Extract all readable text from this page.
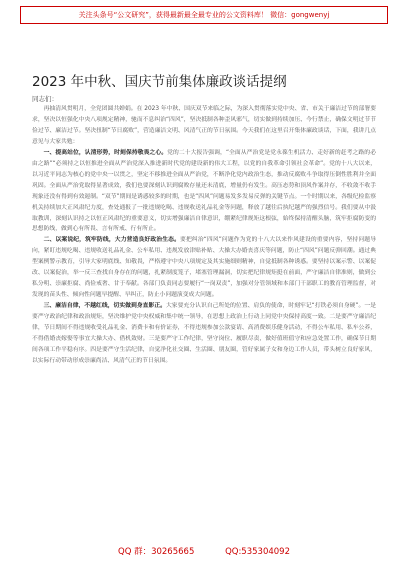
关注头条号“公文研究”，获得最新最全最专业的公文资料库！ 微信：gongwenyj
2023 年中秋、国庆节前集体廉政谈话提纲
同志们：

再抽清风贯明月，全党团圆共婵娟。在 2023 年中秋、国庆双节来临之际，为深入贯彻落实党中央、省、市关于廉洁过节的部署要求，坚决以恒强化中央八项规定精神，驰而不息纠治“四风”，坚决抵制各种歪风邪气，切实做到持续加压、今行禁止，确保文明过节节俭过节、廉洁过节。坚决扭制“节日腐败”，营造廉洁文明、风清气正的节日氛围。今天我们在这里召开集体廉政谈话，下面，我讲几点意见与大家共勉：

一、提高站位，认清形势，时刻保持敬畏之心。党的二十大报告强调，“全面从严治党是党永葆生机活力、走好新的赶考之路的必由之路”“必须持之以恒推进全面从严治党深入推进新时代党的建设新的伟大工程，以党的自我革命引领社会革命”。党的十八大以来，以习近平同志为核心的党中央一以贯之，坚定不移推进全面从严治党，不断净化党内政治生态，推动反腐败斗争取得压倒性胜利并全面巩固。全面从严治党取得显著成效，我们也要深刻认识到腐败存量还未清底，增量仍有发生。高压态势和顶风作案并存，不收敛不收手现象还没有得到有效遏制。“双节”期间是诱惑较多的时期，也是“四风”问题易发多发易反弹的关键节点。一个时期以来，各级纪检监察机关持续加大正风肃纪力度，查处通报了一批违规吃喝、违规收送礼品礼金等问题，释放了越往后执纪越严的强烈信号。我们要从中汲取教训，深刻认识持之以恒正风肃纪的重要意义，切实增强廉洁自律意识，绷紧纪律规矩这根弦，始终保持清醒头脑，筑牢拒腐防变的思想防线，做到心有所畏、言有所戒、行有所止。

二、以案说纪，筑牢防线，大力营造良好政治生态。要把纠治“四风”问题作为党的十八大以来作风建设的重要内容，坚持问题导向，紧盯违规吃喝、违规收送礼品礼金、公车私用、违规发放津贴补贴、大操大办婚丧喜庆等问题，防止“四风”问题反弹回潮。通过典型案例警示教育，引导大家明底线、知敬畏，严格遵守中央八项规定及其实施细则精神，自觉抵制各种诱惑。要坚持以案示警、以案促改、以案促治，举一反三查找自身存在的问题，扎紧制度笼子，堵塞管理漏洞，切实把纪律规矩挺在前面，严守廉洁自律准则，做到公私分明、崇廉拒腐、尚俭戒奢、甘于奉献。各部门负责同志要履行“一岗双责”，加强对分管领域和本部门干部职工的教育管理监督，对发现的苗头性、倾向性问题早提醒、早纠正，防止小问题演变成大问题。

三、廉洁自律，不越红线，切实做到身直影正。大家要充分认识自己所处的位置、肩负的使命，时刻牢记“打铁必须自身硬”。一是要严守政治纪律和政治规矩，坚决维护党中央权威和集中统一领导，在思想上政治上行动上同党中央保持高度一致。二是要严守廉洁纪律，节日期间不得违规收受礼品礼金、消费卡和有价证券，不得违规参加公款宴请、高消费娱乐健身活动，不得公车私用、私车公养，不得借婚丧嫁娶等事宜大操大办、借机敛财。三是要严守工作纪律，坚守岗位、履职尽责，做好值班值守和应急处置工作，确保节日期间各项工作平稳有序。四是要严守生活纪律，自觉净化社交圈、生活圈、朋友圈，管好家属子女和身边工作人员，带头树立良好家风，以实际行动带动形成崇廉尚洁、风清气正的节日氛围。

QQ 群：30265665	QQ:535304092
